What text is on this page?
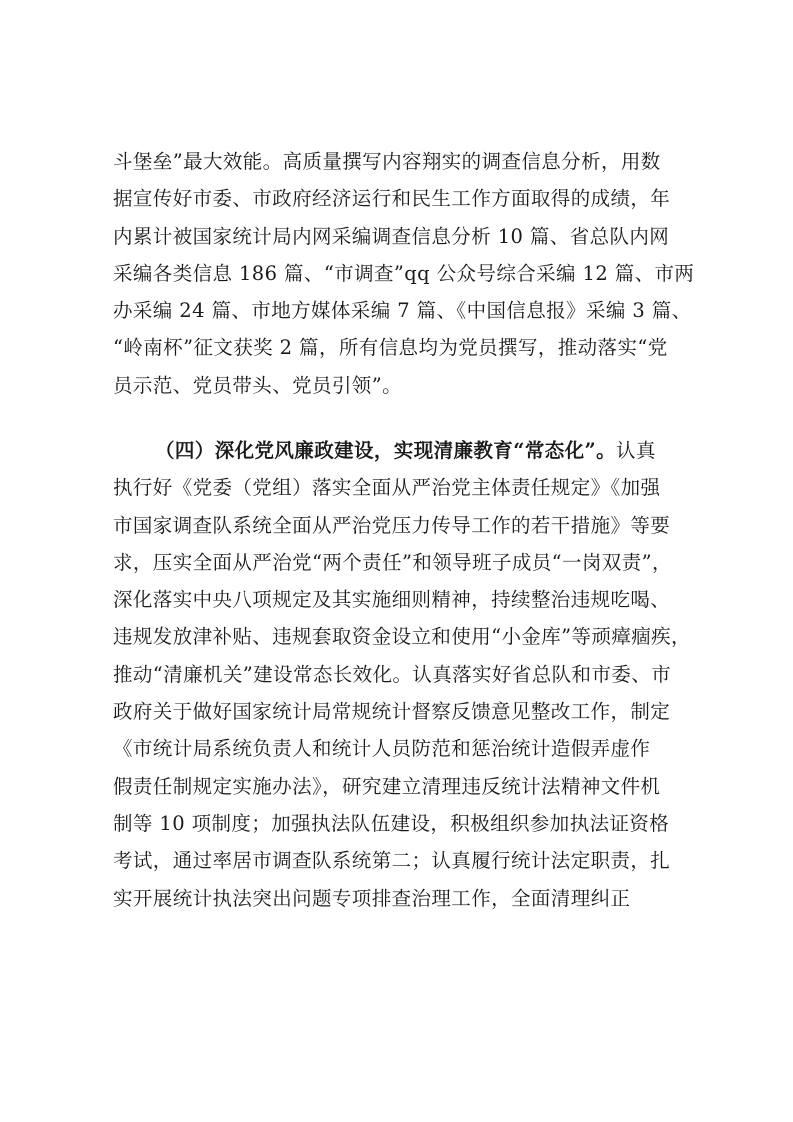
斗堡垒”最大效能。高质量撰写内容翔实的调查信息分析，用数
据宣传好市委、市政府经济运行和民生工作方面取得的成绩，年
内累计被国家统计局内网采编调查信息分析 10 篇、省总队内网
采编各类信息 186 篇、“市调查”qq 公众号综合采编 12 篇、市两
办采编 24 篇、市地方媒体采编 7 篇、《中国信息报》采编 3 篇、
“岭南杯”征文获奖 2 篇，所有信息均为党员撰写，推动落实“党
员示范、党员带头、党员引领”。
（四）深化党风廉政建设，实现清廉教育“常态化”。认真
执行好《党委（党组）落实全面从严治党主体责任规定》《加强
市国家调查队系统全面从严治党压力传导工作的若干措施》等要
求，压实全面从严治党“两个责任”和领导班子成员“一岗双责”，
深化落实中央八项规定及其实施细则精神，持续整治违规吃喝、
违规发放津补贴、违规套取资金设立和使用“小金库”等顽瘴痼疾，
推动“清廉机关”建设常态长效化。认真落实好省总队和市委、市
政府关于做好国家统计局常规统计督察反馈意见整改工作，制定
《市统计局系统负责人和统计人员防范和惩治统计造假弄虚作
假责任制规定实施办法》，研究建立清理违反统计法精神文件机
制等 10 项制度；加强执法队伍建设，积极组织参加执法证资格
考试，通过率居市调查队系统第二；认真履行统计法定职责，扎
实开展统计执法突出问题专项排查治理工作，全面清理纠正
